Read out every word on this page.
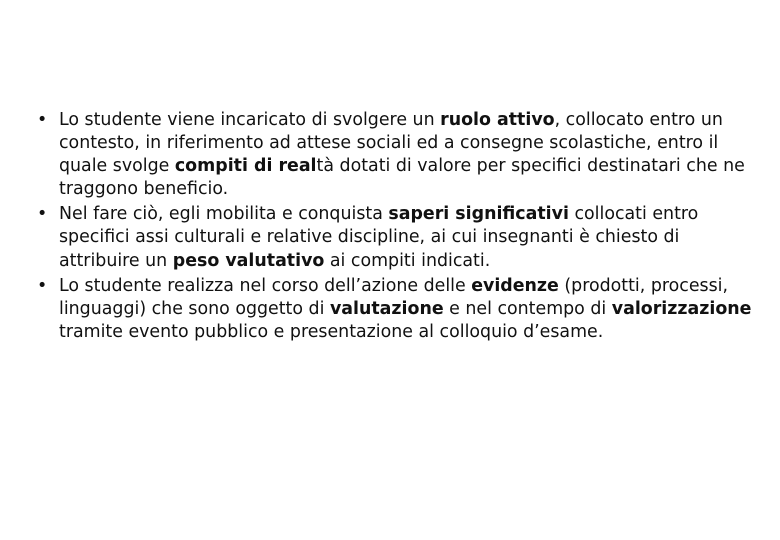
• Lo studente viene incaricato di svolgere un ruolo attivo, collocato entro un contesto, in riferimento ad attese sociali ed a consegne scolastiche, entro il quale svolge compiti di realtà dotati di valore per specifici destinatari che ne traggono beneficio.
• Nel fare ciò, egli mobilita e conquista saperi significativi collocati entro specifici assi culturali e relative discipline, ai cui insegnanti è chiesto di attribuire un peso valutativo ai compiti indicati.
• Lo studente realizza nel corso dell’azione delle evidenze (prodotti, processi, linguaggi) che sono oggetto di valutazione e nel contempo di valorizzazione tramite evento pubblico e presentazione al colloquio d’esame.
